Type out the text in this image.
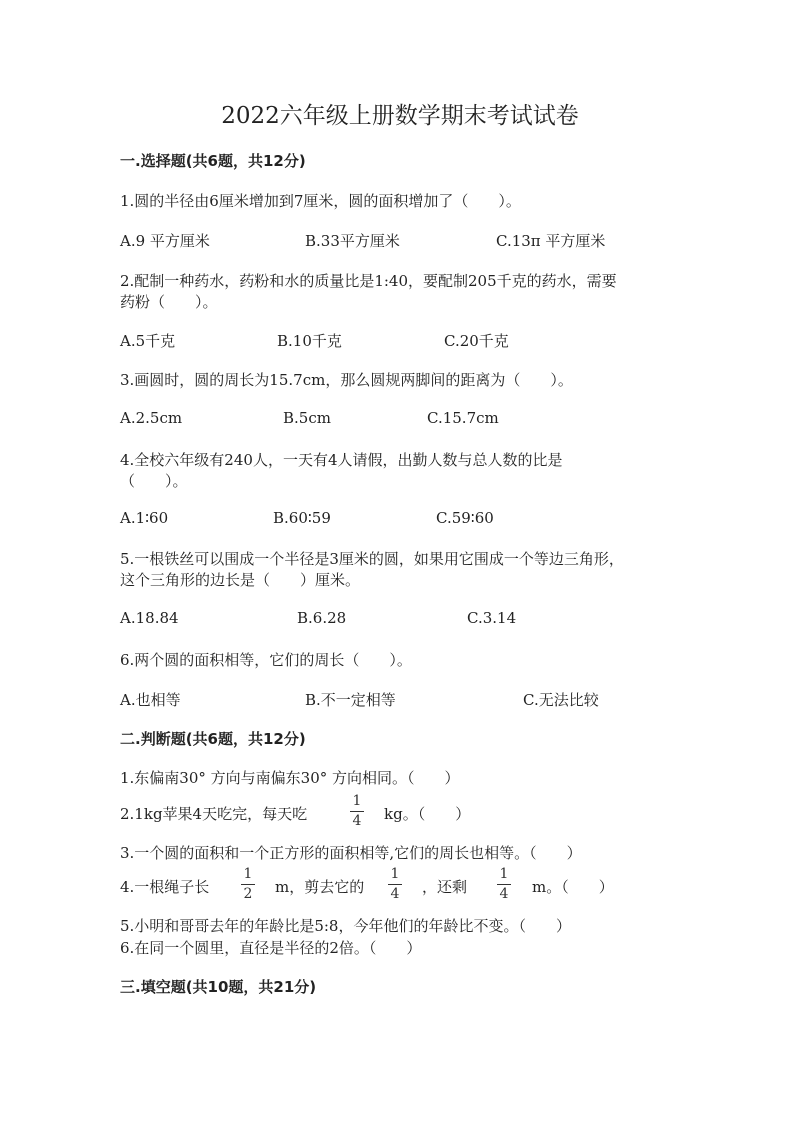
2022六年级上册数学期末考试试卷
一.选择题(共6题，共12分)
1.圆的半径由6厘米增加到7厘米，圆的面积增加了（　　）。
A.9 平方厘米	B.33平方厘米	C.13π 平方厘米
2.配制一种药水，药粉和水的质量比是1:40，要配制205千克的药水，需要
药粉（　　）。
A.5千克	B.10千克	C.20千克
3.画圆时，圆的周长为15.7cm，那么圆规两脚间的距离为（　　）。
A.2.5cm	B.5cm	C.15.7cm
4.全校六年级有240人，一天有4人请假，出勤人数与总人数的比是
（　　）。
A.1∶60	B.60∶59	C.59∶60
5.一根铁丝可以围成一个半径是3厘米的圆，如果用它围成一个等边三角形，
这个三角形的边长是（　　）厘米。
A.18.84	B.6.28	C.3.14
6.两个圆的面积相等，它们的周长（　　）。
A.也相等	B.不一定相等	C.无法比较
二.判断题(共6题，共12分)
1.东偏南30° 方向与南偏东30° 方向相同。（　　）
2.1kg苹果4天吃完，每天吃
1
4 kg。（　　）
3.一个圆的面积和一个正方形的面积相等,它们的周长也相等。（　　）
4.一根绳子长
1
2 m，剪去它的
1
4 ，还剩
1
4 m。（　　）
5.小明和哥哥去年的年龄比是5:8，今年他们的年龄比不变。（　　）
6.在同一个圆里，直径是半径的2倍。（　　）
三.填空题(共10题，共21分)
